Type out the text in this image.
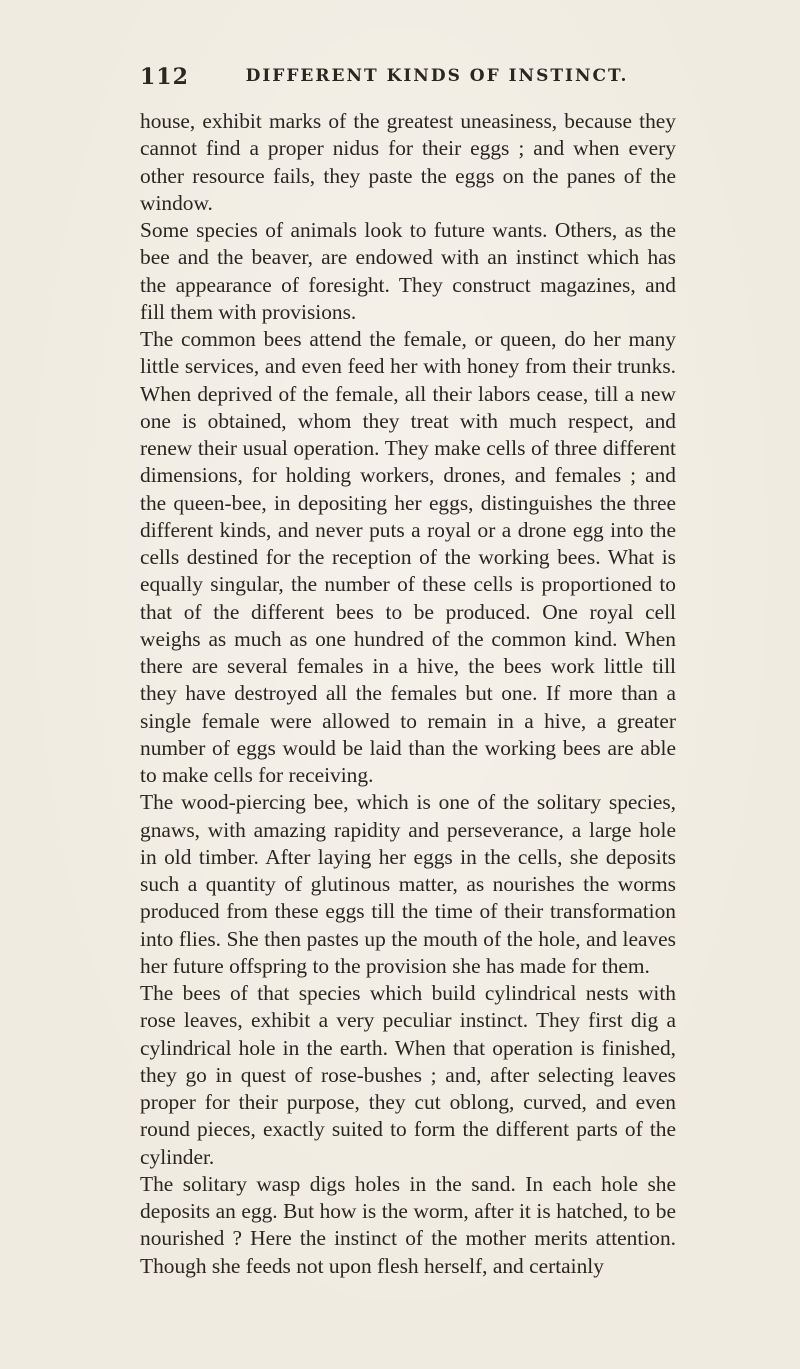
112	DIFFERENT KINDS OF INSTINCT.

house, exhibit marks of the greatest uneasiness, because they cannot find a proper nidus for their eggs ; and when every other resource fails, they paste the eggs on the panes of the window.

Some species of animals look to future wants. Others, as the bee and the beaver, are endowed with an instinct which has the appearance of foresight. They construct magazines, and fill them with provisions.

The common bees attend the female, or queen, do her many little services, and even feed her with honey from their trunks. When deprived of the female, all their labors cease, till a new one is obtained, whom they treat with much respect, and renew their usual operation. They make cells of three different dimensions, for holding workers, drones, and females ; and the queen-bee, in depositing her eggs, distinguishes the three different kinds, and never puts a royal or a drone egg into the cells destined for the reception of the working bees. What is equally singular, the number of these cells is proportioned to that of the different bees to be produced. One royal cell weighs as much as one hundred of the common kind. When there are several females in a hive, the bees work little till they have destroyed all the females but one. If more than a single female were allowed to remain in a hive, a greater number of eggs would be laid than the working bees are able to make cells for receiving.

The wood-piercing bee, which is one of the solitary species, gnaws, with amazing rapidity and perseverance, a large hole in old timber. After laying her eggs in the cells, she deposits such a quantity of glutinous matter, as nourishes the worms produced from these eggs till the time of their transformation into flies. She then pastes up the mouth of the hole, and leaves her future offspring to the provision she has made for them.

The bees of that species which build cylindrical nests with rose leaves, exhibit a very peculiar instinct. They first dig a cylindrical hole in the earth. When that operation is finished, they go in quest of rose-bushes ; and, after selecting leaves proper for their purpose, they cut oblong, curved, and even round pieces, exactly suited to form the different parts of the cylinder.

The solitary wasp digs holes in the sand. In each hole she deposits an egg. But how is the worm, after it is hatched, to be nourished ? Here the instinct of the mother merits attention. Though she feeds not upon flesh herself, and certainly
